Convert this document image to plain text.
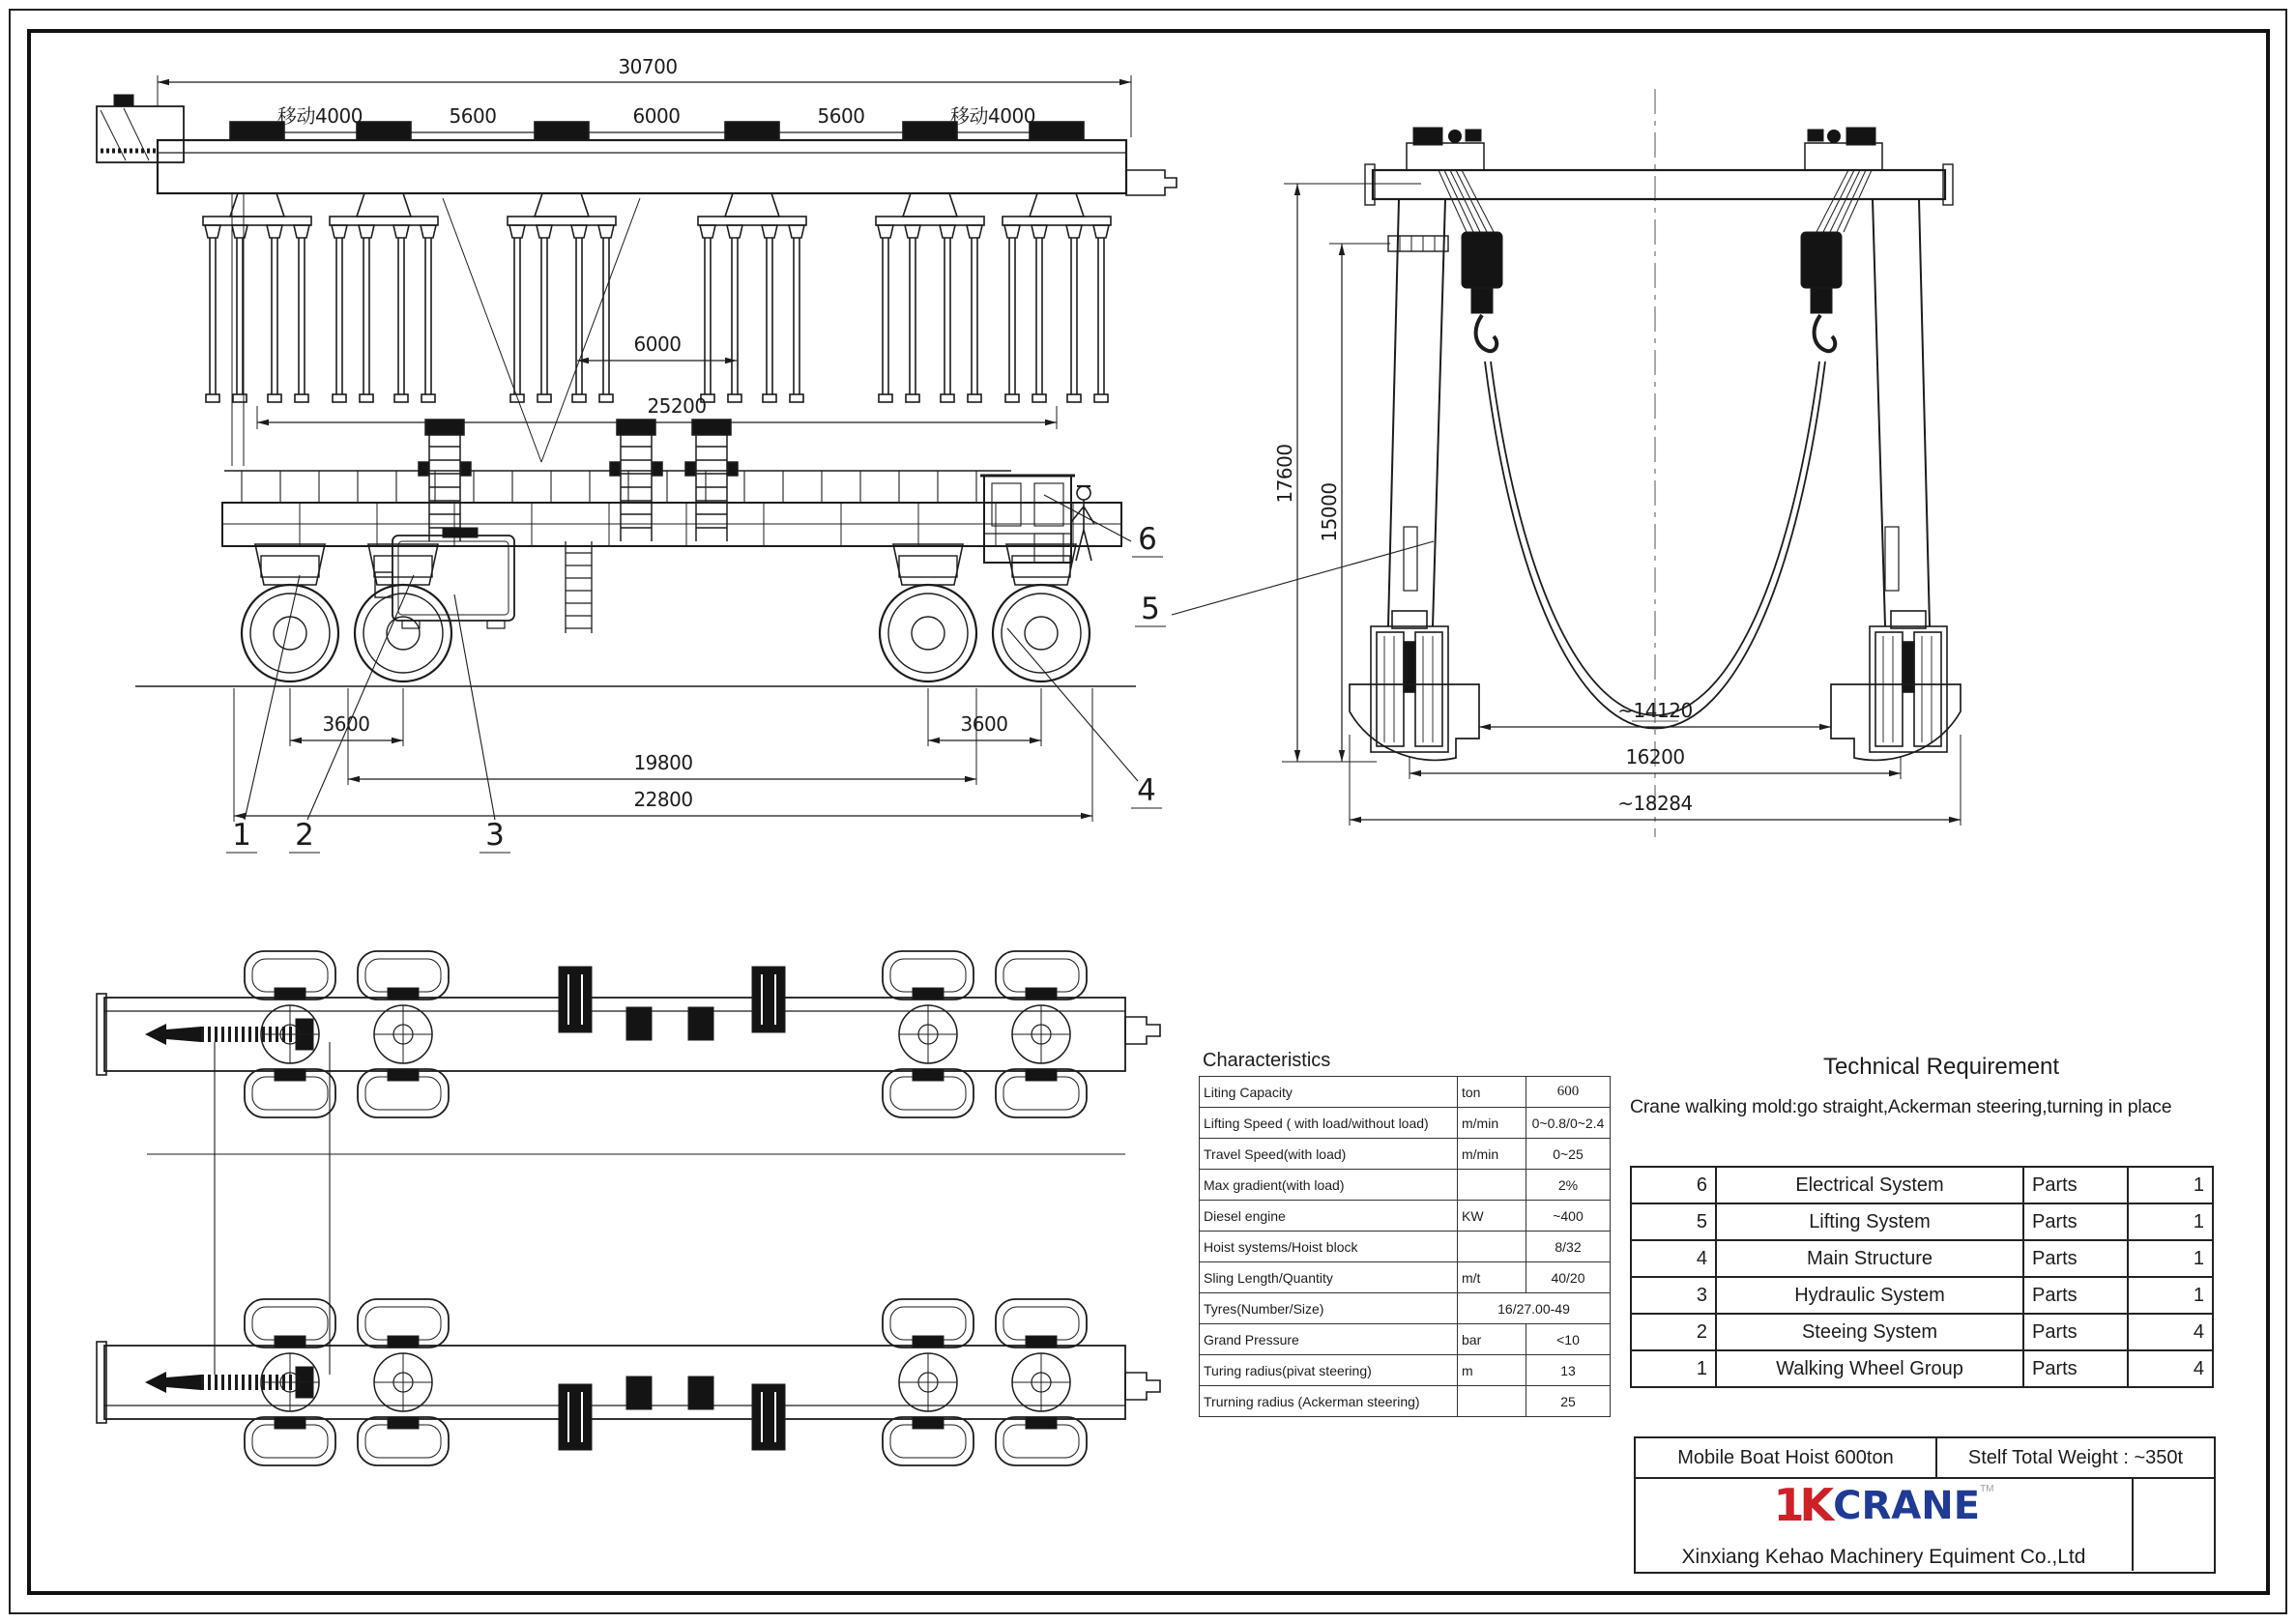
30700
移动4000	5600	6000	5600	移动4000
6000
25200
3600	3600
19800
22800
1 2	3
4
5
6
17600
15000
~14120
16200
~18284
Characteristics
Liting Capacity	ton	600
Lifting Speed ( with load/without load)	m/min	0~0.8/0~2.4
Travel Speed(with load)	m/min	0~25
Max gradient(with load)		2%
Diesel engine	KW	~400
Hoist systems/Hoist block		8/32
Sling Length/Quantity	m/t	40/20
Tyres(Number/Size)	16/27.00-49	
Grand Pressure	bar	<10
Turing radius(pivat steering)	m	13
Trurning radius (Ackerman steering)		25
Technical Requirement
Crane walking mold:go straight,Ackerman steering,turning in place
6	Electrical System	Parts	1
5	Lifting System	Parts	1
4	Main Structure	Parts	1
3	Hydraulic System	Parts	1
2	Steeing System	Parts	4
1	Walking Wheel Group	Parts	4
Mobile Boat Hoist 600ton	Stelf Total Weight : ~350t
1K CRANE TM
Xinxiang Kehao Machinery Equiment Co.,Ltd
